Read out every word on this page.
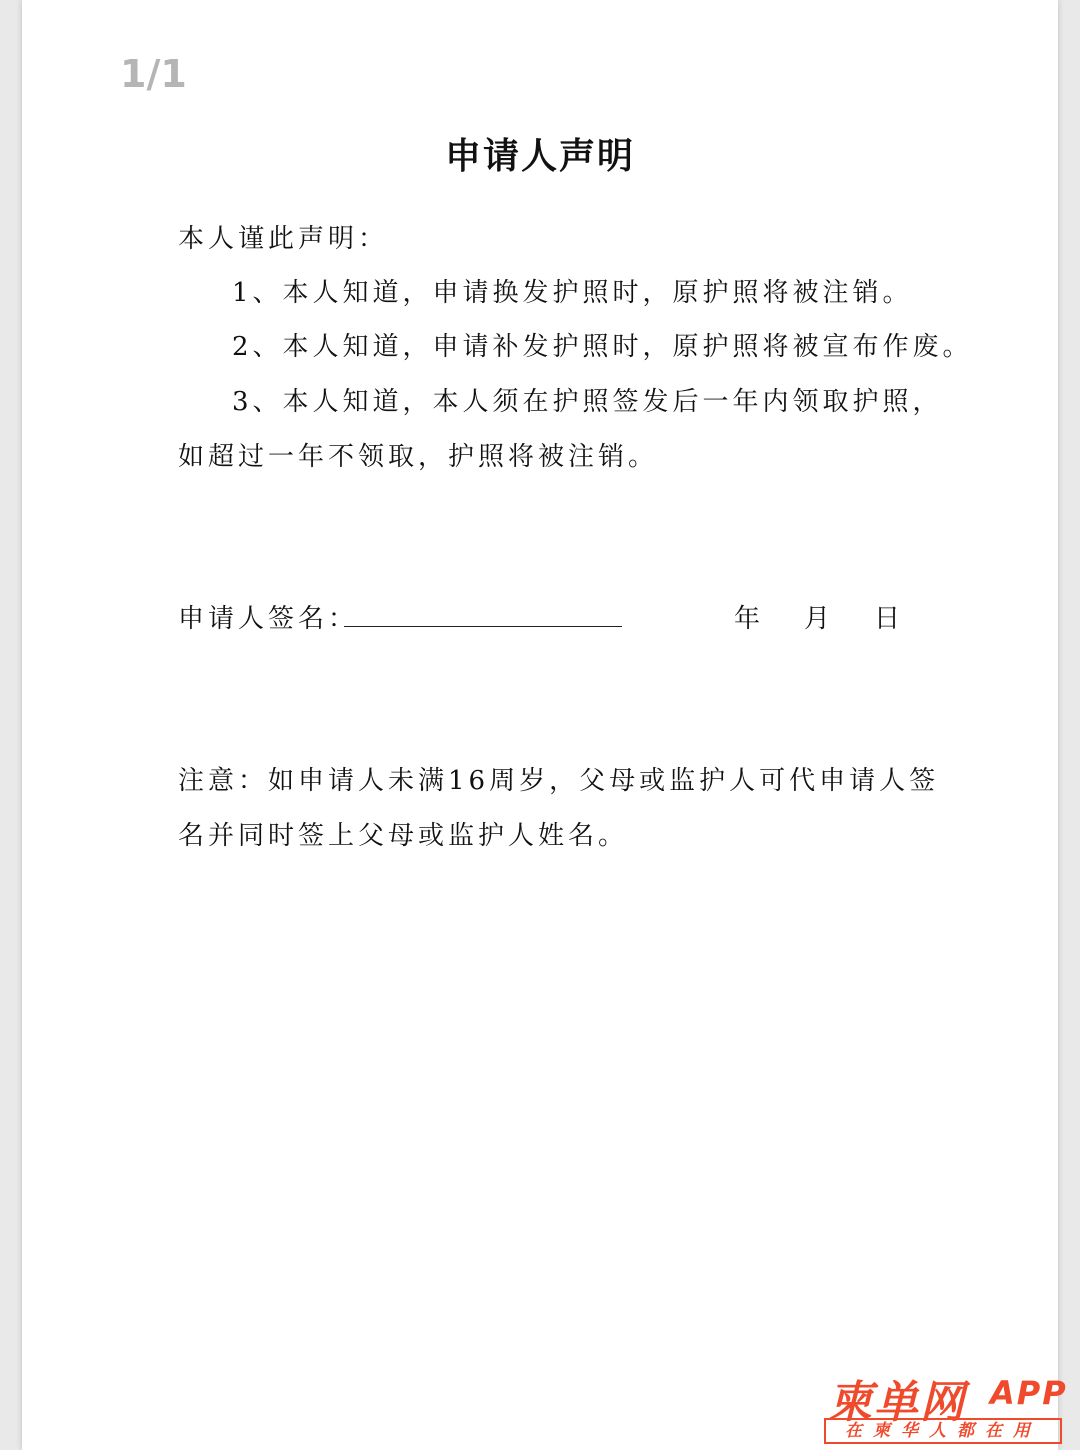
1/1
申请人声明
本人谨此声明：
1、本人知道，申请换发护照时，原护照将被注销。
2、本人知道，申请补发护照时，原护照将被宣布作废。
3、本人知道，本人须在护照签发后一年内领取护照，
如超过一年不领取，护照将被注销。
申请人签名：	年 月 日
注意：如申请人未满16周岁，父母或监护人可代申请人签
名并同时签上父母或监护人姓名。
柬单网 APP
在柬华人都在用
